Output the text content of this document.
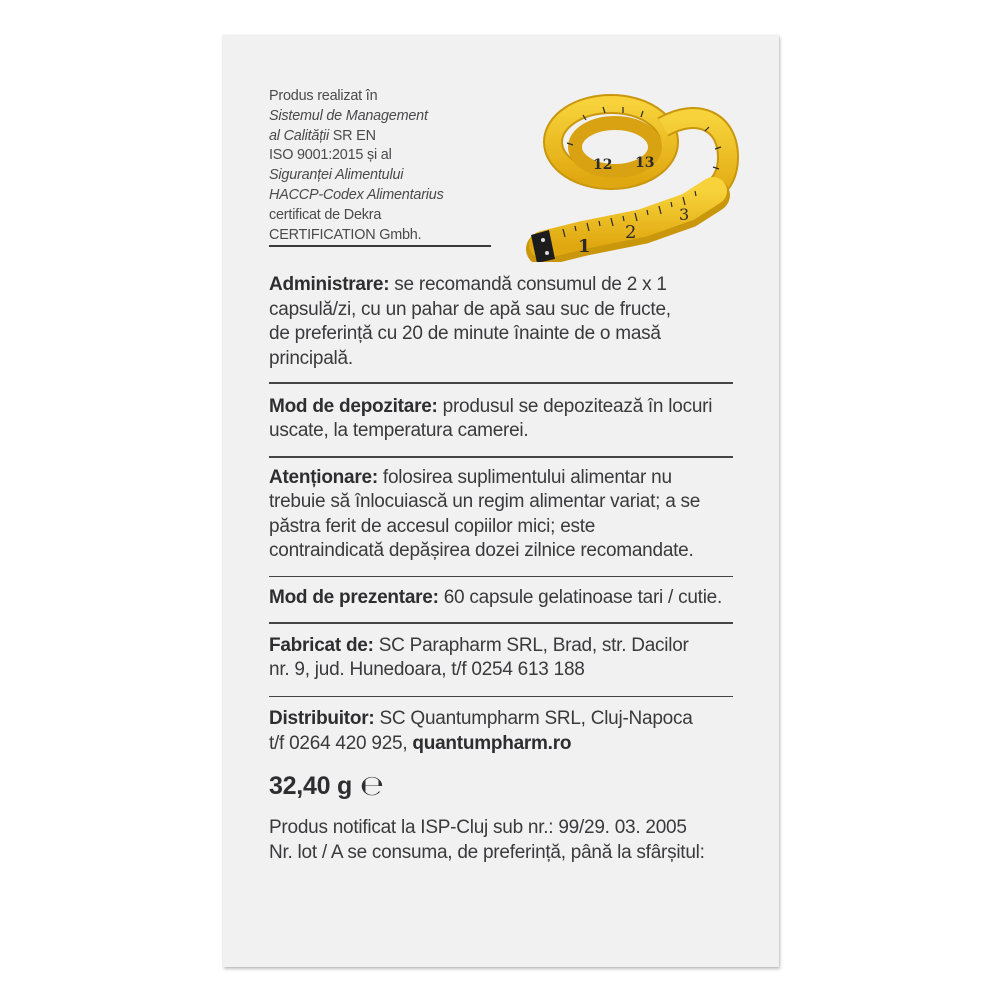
Produs realizat în
Sistemul de Management
al Calității SR EN
ISO 9001:2015 și al
Siguranței Alimentului
HACCP-Codex Alimentarius
certificat de Dekra
CERTIFICATION Gmbh.
1
2
3
12 13
Administrare: se recomandă consumul de 2 x 1
capsulă/zi, cu un pahar de apă sau suc de fructe,
de preferință cu 20 de minute înainte de o masă
principală.
Mod de depozitare: produsul se depozitează în locuri
uscate, la temperatura camerei.
Atenționare: folosirea suplimentului alimentar nu
trebuie să înlocuiască un regim alimentar variat; a se
păstra ferit de accesul copiilor mici; este
contraindicată depășirea dozei zilnice recomandate.
Mod de prezentare: 60 capsule gelatinoase tari / cutie.
Fabricat de: SC Parapharm SRL, Brad, str. Dacilor
nr. 9, jud. Hunedoara, t/f 0254 613 188
Distribuitor: SC Quantumpharm SRL, Cluj-Napoca
t/f 0264 420 925, quantumpharm.ro
32,40 g ℮
Produs notificat la ISP-Cluj sub nr.: 99/29. 03. 2005
Nr. lot / A se consuma, de preferință, până la sfârșitul:
